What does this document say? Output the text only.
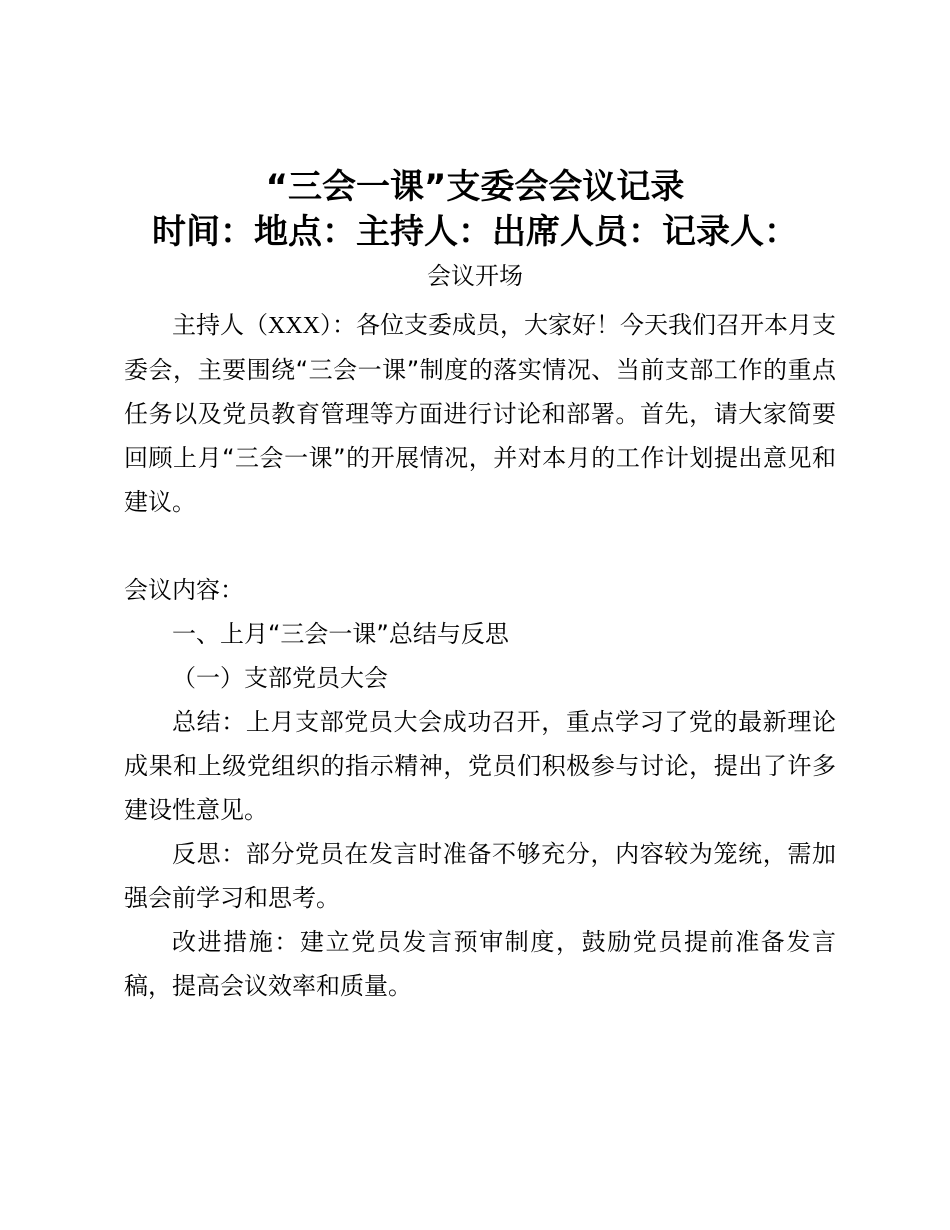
“三会一课”支委会会议记录
时间：地点：主持人：出席人员：记录人：
会议开场

主持人（XXX）：各位支委成员，大家好！今天我们召开本月支委会，主要围绕“三会一课”制度的落实情况、当前支部工作的重点任务以及党员教育管理等方面进行讨论和部署。首先，请大家简要回顾上月“三会一课”的开展情况，并对本月的工作计划提出意见和建议。

会议内容：

一、上月“三会一课”总结与反思

（一）支部党员大会

总结：上月支部党员大会成功召开，重点学习了党的最新理论成果和上级党组织的指示精神，党员们积极参与讨论，提出了许多建设性意见。

反思：部分党员在发言时准备不够充分，内容较为笼统，需加强会前学习和思考。

改进措施：建立党员发言预审制度，鼓励党员提前准备发言稿，提高会议效率和质量。
